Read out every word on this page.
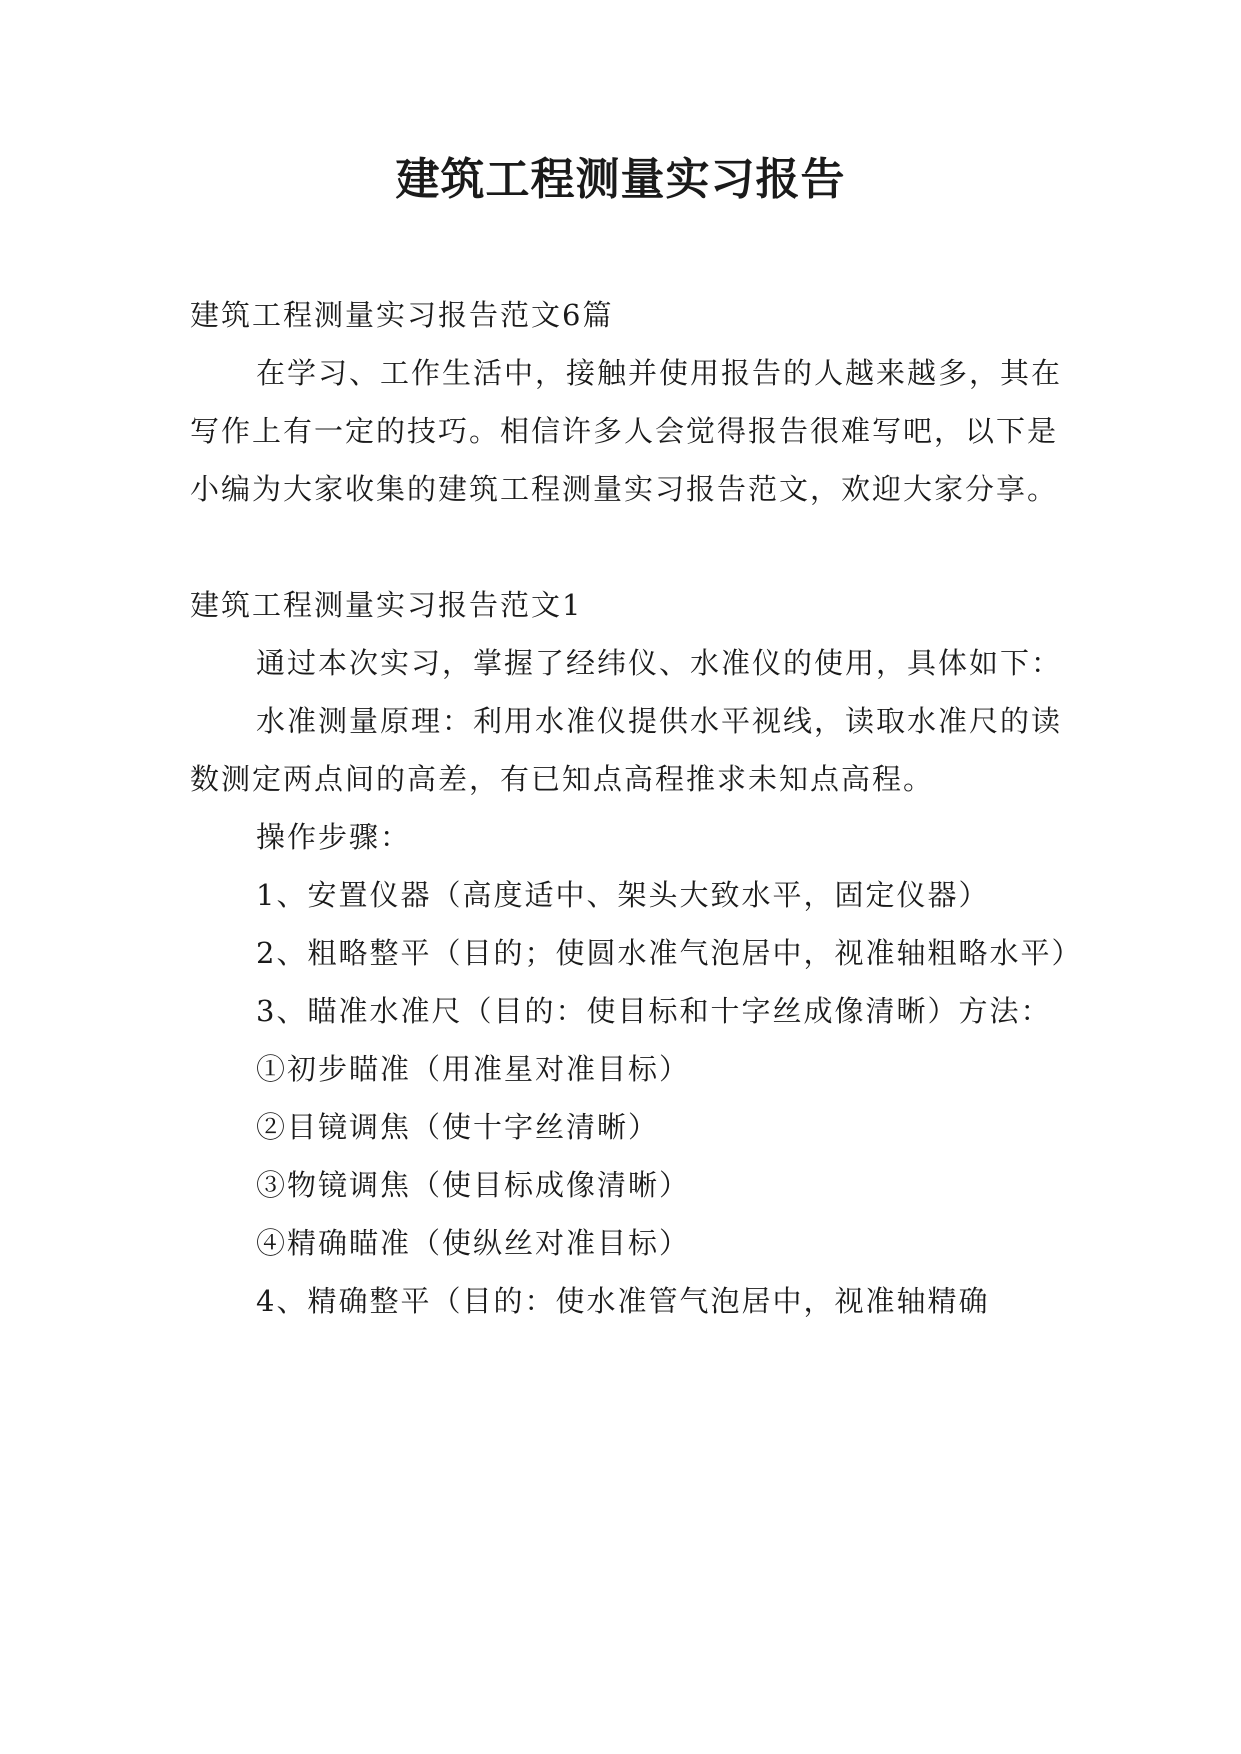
建筑工程测量实习报告

建筑工程测量实习报告范文6篇

在学习、工作生活中，接触并使用报告的人越来越多，其在写作上有一定的技巧。相信许多人会觉得报告很难写吧，以下是小编为大家收集的建筑工程测量实习报告范文，欢迎大家分享。

建筑工程测量实习报告范文1

通过本次实习，掌握了经纬仪、水准仪的使用，具体如下：

水准测量原理：利用水准仪提供水平视线，读取水准尺的读数测定两点间的高差，有已知点高程推求未知点高程。

操作步骤：

1、安置仪器（高度适中、架头大致水平，固定仪器）

2、粗略整平（目的；使圆水准气泡居中，视准轴粗略水平）

3、瞄准水准尺（目的：使目标和十字丝成像清晰）方法：

①初步瞄准（用准星对准目标）

②目镜调焦（使十字丝清晰）

③物镜调焦（使目标成像清晰）

④精确瞄准（使纵丝对准目标）

4、精确整平（目的：使水准管气泡居中，视准轴精确
